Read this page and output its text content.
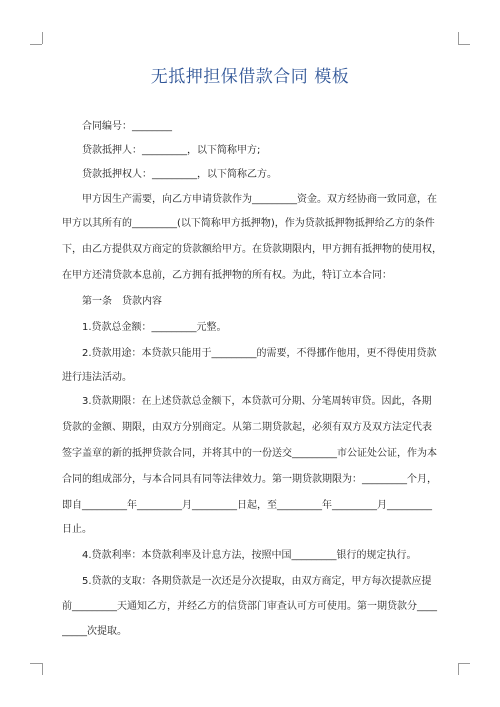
无抵押担保借款合同 模板
合同编号：________
贷款抵押人：_________，以下简称甲方;
贷款抵押权人：_________，以下简称乙方。
甲方因生产需要，向乙方申请贷款作为_________资金。双方经协商一致同意，在
甲方以其所有的_________(以下简称甲方抵押物)，作为贷款抵押物抵押给乙方的条件
下，由乙方提供双方商定的贷款额给甲方。在贷款期限内，甲方拥有抵押物的使用权，
在甲方还清贷款本息前，乙方拥有抵押物的所有权。为此，特订立本合同：
第一条　贷款内容
1.贷款总金额：_________元整。
2.贷款用途：本贷款只能用于_________的需要，不得挪作他用，更不得使用贷款
进行违法活动。
3.贷款期限：在上述贷款总金额下，本贷款可分期、分笔周转审贷。因此，各期
贷款的金额、期限，由双方分别商定。从第二期贷款起，必须有双方及双方法定代表
签字盖章的新的抵押贷款合同，并将其中的一份送交_________市公证处公证，作为本
合同的组成部分，与本合同具有同等法律效力。第一期贷款期限为：_________个月，
即自_________年_________月_________日起，至_________年_________月_________
日止。
4.贷款利率：本贷款利率及计息方法，按照中国_________银行的规定执行。
5.贷款的支取：各期贷款是一次还是分次提取，由双方商定，甲方每次提款应提
前_________天通知乙方，并经乙方的信贷部门审查认可方可使用。第一期贷款分____
_____次提取。
